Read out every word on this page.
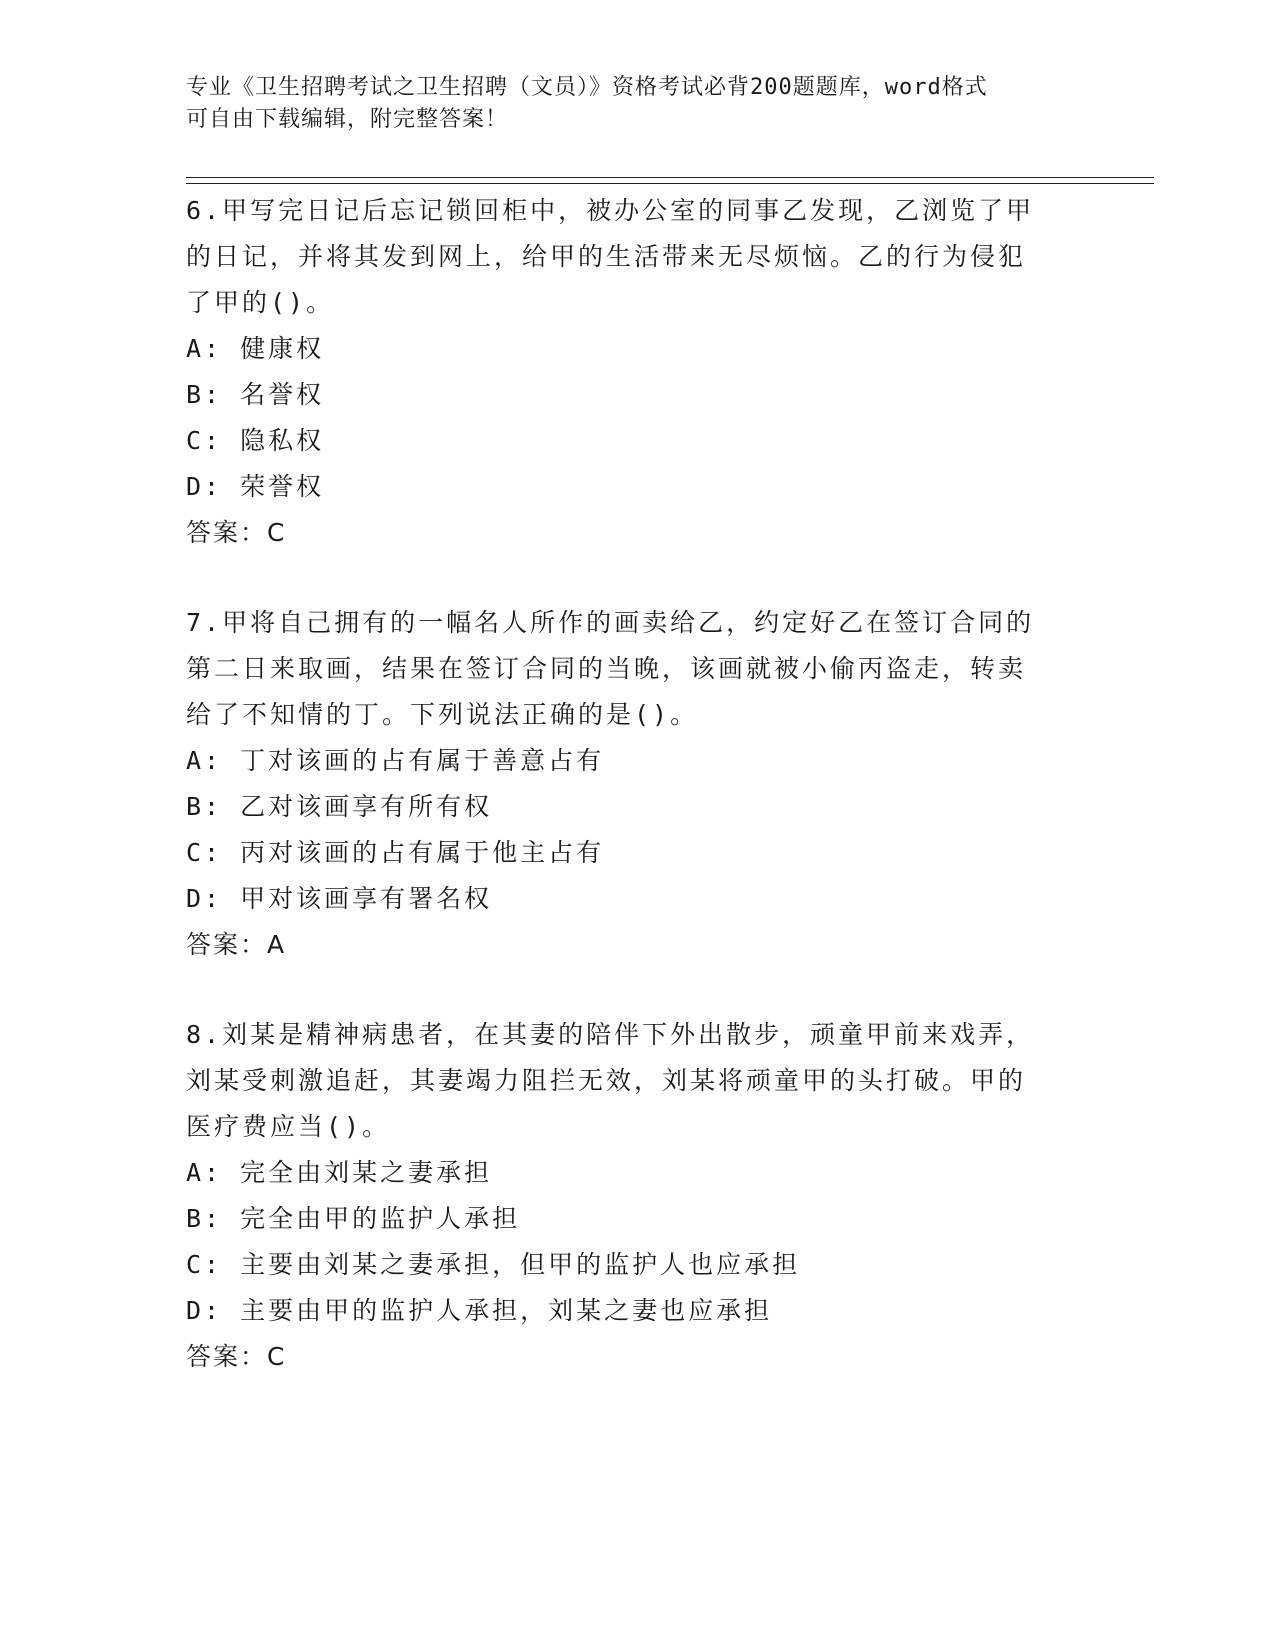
专业《卫生招聘考试之卫生招聘（文员）》资格考试必背200题题库，word格式
可自由下载编辑，附完整答案！
6.甲写完日记后忘记锁回柜中，被办公室的同事乙发现，乙浏览了甲
的日记，并将其发到网上，给甲的生活带来无尽烦恼。乙的行为侵犯
了甲的()。
A: 健康权
B: 名誉权
C: 隐私权
D: 荣誉权
答案：C
7.甲将自己拥有的一幅名人所作的画卖给乙，约定好乙在签订合同的
第二日来取画，结果在签订合同的当晚，该画就被小偷丙盗走，转卖
给了不知情的丁。下列说法正确的是()。
A: 丁对该画的占有属于善意占有
B: 乙对该画享有所有权
C: 丙对该画的占有属于他主占有
D: 甲对该画享有署名权
答案：A
8.刘某是精神病患者，在其妻的陪伴下外出散步，顽童甲前来戏弄，
刘某受刺激追赶，其妻竭力阻拦无效，刘某将顽童甲的头打破。甲的
医疗费应当()。
A: 完全由刘某之妻承担
B: 完全由甲的监护人承担
C: 主要由刘某之妻承担，但甲的监护人也应承担
D: 主要由甲的监护人承担，刘某之妻也应承担
答案：C
